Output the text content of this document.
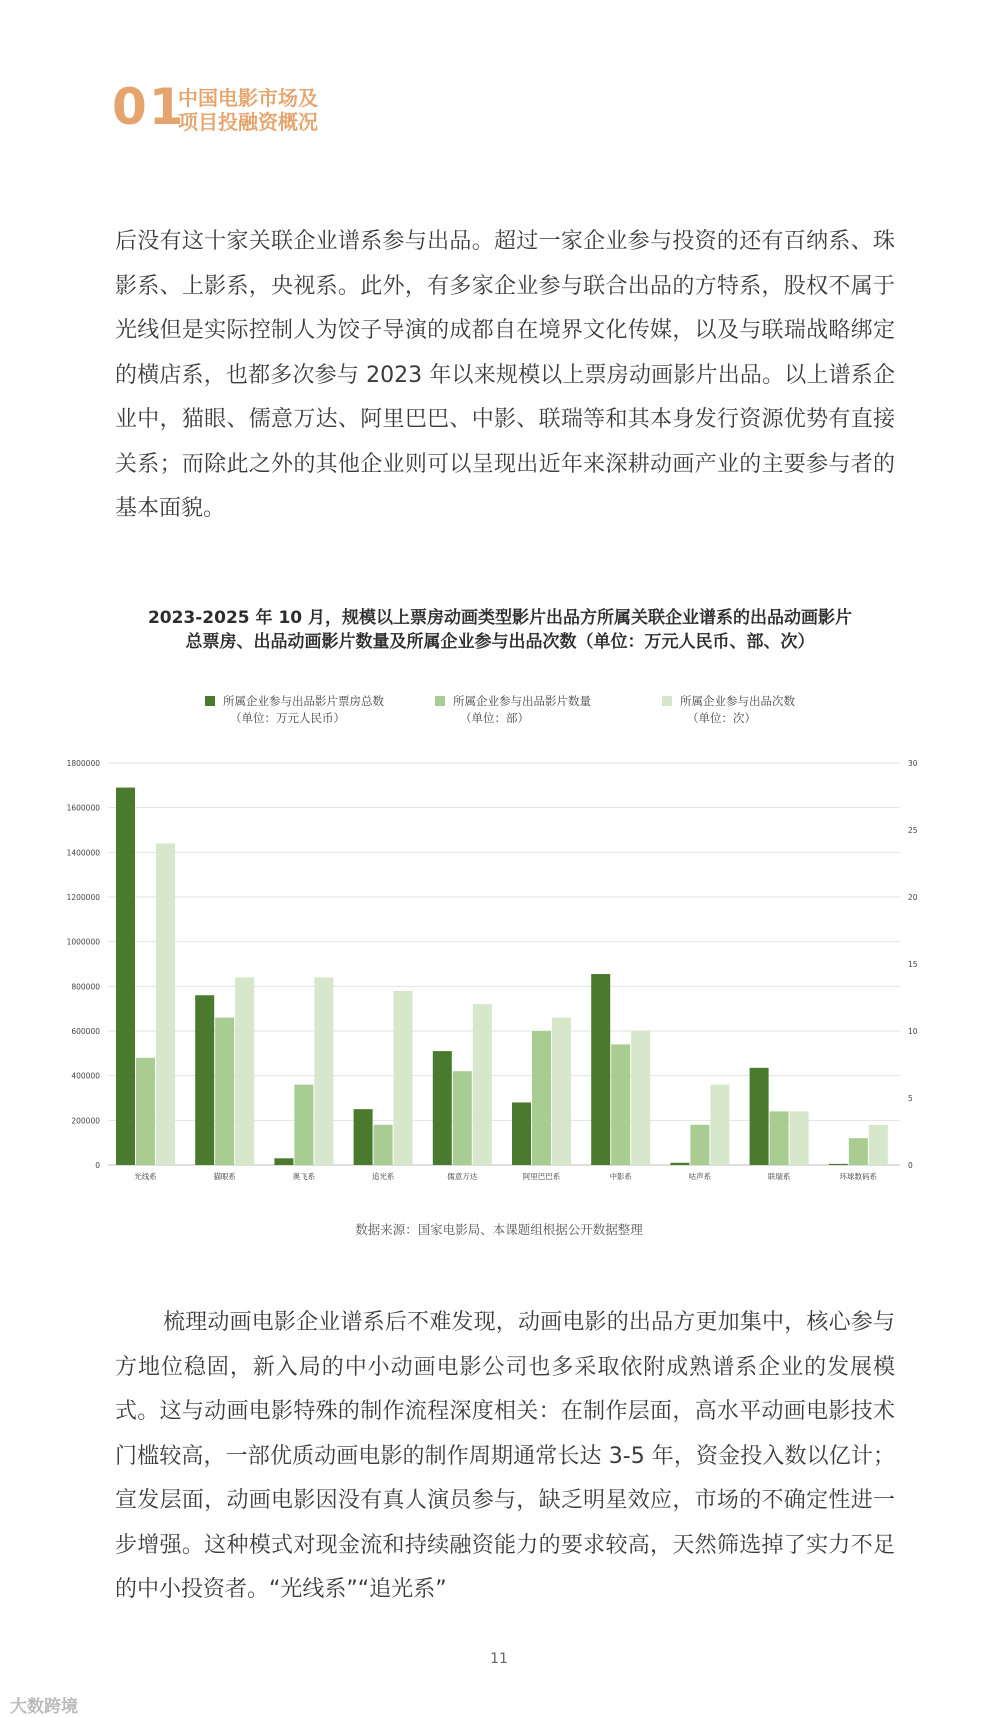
01
中国电影市场及
项目投融资概况

后没有这十家关联企业谱系参与出品。超过一家企业参与投资的还有百纳系、珠影系、上影系，央视系。此外，有多家企业参与联合出品的方特系，股权不属于光线但是实际控制人为饺子导演的成都自在境界文化传媒，以及与联瑞战略绑定的横店系，也都多次参与 2023 年以来规模以上票房动画影片出品。以上谱系企业中，猫眼、儒意万达、阿里巴巴、中影、联瑞等和其本身发行资源优势有直接关系；而除此之外的其他企业则可以呈现出近年来深耕动画产业的主要参与者的基本面貌。

2023-2025 年 10 月，规模以上票房动画类型影片出品方所属关联企业谱系的出品动画影片
总票房、出品动画影片数量及所属企业参与出品次数（单位：万元人民币、部、次）
所属企业参与出品影片票房总数
（单位：万元人民币）
所属企业参与出品影片数量
（单位：部）
所属企业参与出品次数
（单位：次）
0
200000
400000
600000
800000
1000000
1200000
1400000
1600000
1800000
0
5
10
15
20
25
30
光线系	猫眼系	奥飞系	追光系	儒意万达	阿里巴巴系	中影系	咕声系	联瑞系	环球数码系
数据来源：国家电影局、本课题组根据公开数据整理

梳理动画电影企业谱系后不难发现，动画电影的出品方更加集中，核心参与方地位稳固，新入局的中小动画电影公司也多采取依附成熟谱系企业的发展模式。这与动画电影特殊的制作流程深度相关：在制作层面，高水平动画电影技术门槛较高，一部优质动画电影的制作周期通常长达 3-5 年，资金投入数以亿计；宣发层面，动画电影因没有真人演员参与，缺乏明星效应，市场的不确定性进一步增强。这种模式对现金流和持续融资能力的要求较高，天然筛选掉了实力不足的中小投资者。“光线系”“追光系”

11
大数跨境
